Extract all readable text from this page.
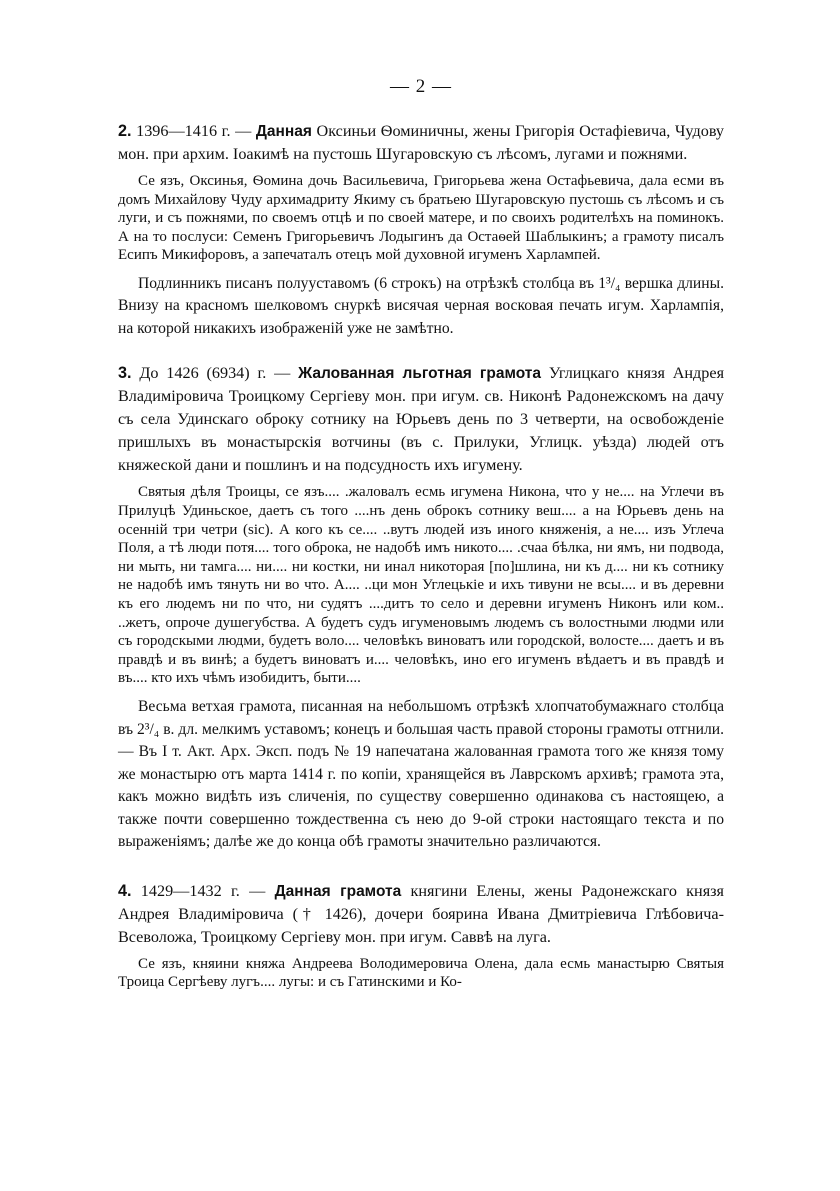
— 2 —

2. 1396—1416 г. — Данная Оксиньи Ѳоминичны, жены Григорія Остафіевича, Чудову мон. при архим. Іоакимѣ на пустошь Шугаровскую съ лѣсомъ, лугами и пожнями.

Се язъ, Оксинья, Ѳомина дочь Васильевича, Григорьева жена Остафьевича, дала есми въ домъ Михайлову Чуду архимадриту Якиму съ братьею Шугаровскую пустошь съ лѣсомъ и съ луги, и съ пожнями, по своемъ отцѣ и по своей матере, и по своихъ родителѣхъ на поминокъ. А на то послуси: Семенъ Григорьевичъ Лодыгинъ да Остаѳей Шаблыкинъ; а грамоту писалъ Есипъ Микифоровъ, а запечаталъ отецъ мой духовной игуменъ Харлампей.

Подлинникъ писанъ полууставомъ (6 строкъ) на отрѣзкѣ столбца въ 1³/₄ вершка длины. Внизу на красномъ шелковомъ снуркѣ висячая черная восковая печать игум. Харлампія, на которой никакихъ изображеній уже не замѣтно.

3. До 1426 (6934) г. — Жалованная льготная грамота Углицкаго князя Андрея Владиміровича Троицкому Сергіеву мон. при игум. св. Никонѣ Радонежскомъ на дачу съ села Удинскаго оброку сотнику на Юрьевъ день по 3 четверти, на освобожденіе пришлыхъ въ монастырскія вотчины (въ с. Прилуки, Углицк. уѣзда) людей отъ княжеской дани и пошлинъ и на подсудность ихъ игумену.

Святыя дѣля Троицы, се язъ.... .жаловалъ есмь игумена Никона, что у не.... на Углечи въ Прилуцѣ Удиньское, даетъ съ того ....нъ день оброкъ сотнику веш.... а на Юрьевъ день на осенній три четри (sic). А кого къ се.... ..вутъ людей изъ иного княженія, а не.... изъ Углеча Поля, а тѣ люди потя.... того оброка, не надобѣ имъ никото.... .счаа бѣлка, ни ямъ, ни подвода, ни мыть, ни тамга.... ни.... ни костки, ни инал никоторая [по]шлина, ни къ д.... ни къ сотнику не надобѣ имъ тянуть ни во что. А.... ..ци мон Углецькіе и ихъ тивуни не всы.... и въ деревни къ его людемъ ни по что, ни судятъ ....дитъ то село и деревни игуменъ Никонъ или ком.. ..жетъ, опроче душегубства. А будетъ судъ игуменовымъ людемъ съ волостными людми или съ городскыми людми, будетъ воло.... человѣкъ виноватъ или городской, волосте.... даетъ и въ правдѣ и въ винѣ; а будетъ виноватъ и.... человѣкъ, ино его игуменъ вѣдаетъ и въ правдѣ и въ.... кто ихъ чѣмъ изобидитъ, быти....

Весьма ветхая грамота, писанная на небольшомъ отрѣзкѣ хлопчатобумажнаго столбца въ 2³/₄ в. дл. мелкимъ уставомъ; конецъ и большая часть правой стороны грамоты отгнили. — Въ I т. Акт. Арх. Эксп. подъ № 19 напечатана жалованная грамота того же князя тому же монастырю отъ марта 1414 г. по копіи, хранящейся въ Лаврскомъ архивѣ; грамота эта, какъ можно видѣть изъ сличенія, по существу совершенно одинакова съ настоящею, а также почти совершенно тождественна съ нею до 9-ой строки настоящаго текста и по выраженіямъ; далѣе же до конца обѣ грамоты значительно различаются.

4. 1429—1432 г. — Данная грамота княгини Елены, жены Радонежскаго князя Андрея Владиміровича († 1426), дочери боярина Ивана Дмитріевича Глѣбовича-Всеволожа, Троицкому Сергіеву мон. при игум. Саввѣ на луга.

Се язъ, княини княжа Андреева Володимеровича Олена, дала есмь манастырю Святыя Троица Сергѣеву лугъ.... лугы: и съ Гатинскими и Ко-
